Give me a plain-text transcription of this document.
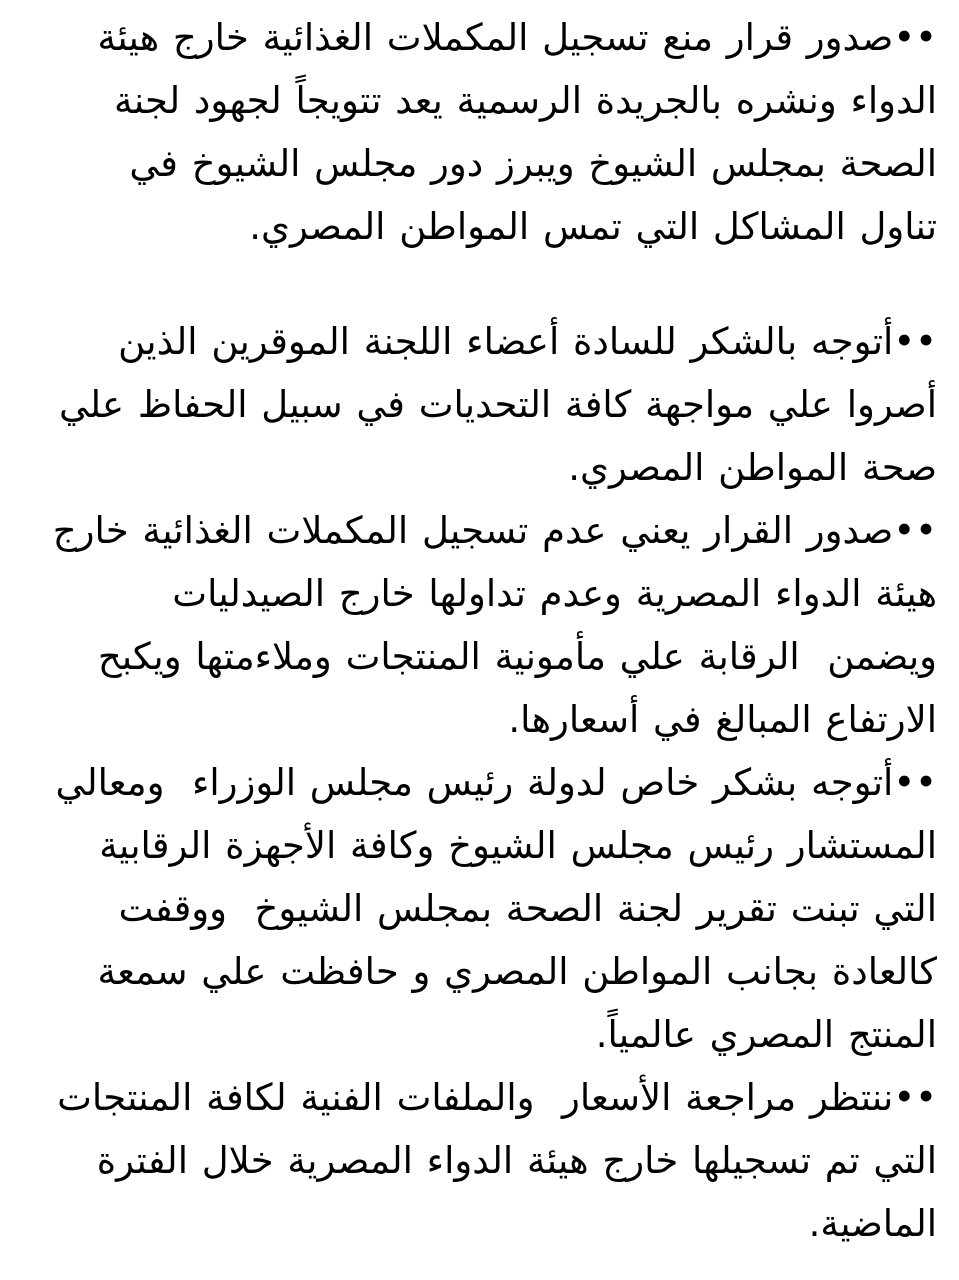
••صدور قرار منع تسجيل المكملات الغذائية خارج هيئة
الدواء ونشره بالجريدة الرسمية يعد تتويجاً لجهود لجنة
الصحة بمجلس الشيوخ ويبرز دور مجلس الشيوخ في
تناول المشاكل التي تمس المواطن المصري.
••أتوجه بالشكر للسادة أعضاء اللجنة الموقرين الذين
أصروا علي مواجهة كافة التحديات في سبيل الحفاظ علي
صحة المواطن المصري.
••صدور القرار يعني عدم تسجيل المكملات الغذائية خارج
هيئة الدواء المصرية وعدم تداولها خارج الصيدليات
ويضمن  الرقابة علي مأمونية المنتجات وملاءمتها ويكبح
الارتفاع المبالغ في أسعارها.
••أتوجه بشكر خاص لدولة رئيس مجلس الوزراء  ومعالي
المستشار رئيس مجلس الشيوخ وكافة الأجهزة الرقابية
التي تبنت تقرير لجنة الصحة بمجلس الشيوخ  ووقفت
كالعادة بجانب المواطن المصري و حافظت علي سمعة
المنتج المصري عالمياً.
••ننتظر مراجعة الأسعار  والملفات الفنية لكافة المنتجات
التي تم تسجيلها خارج هيئة الدواء المصرية خلال الفترة
الماضية.
